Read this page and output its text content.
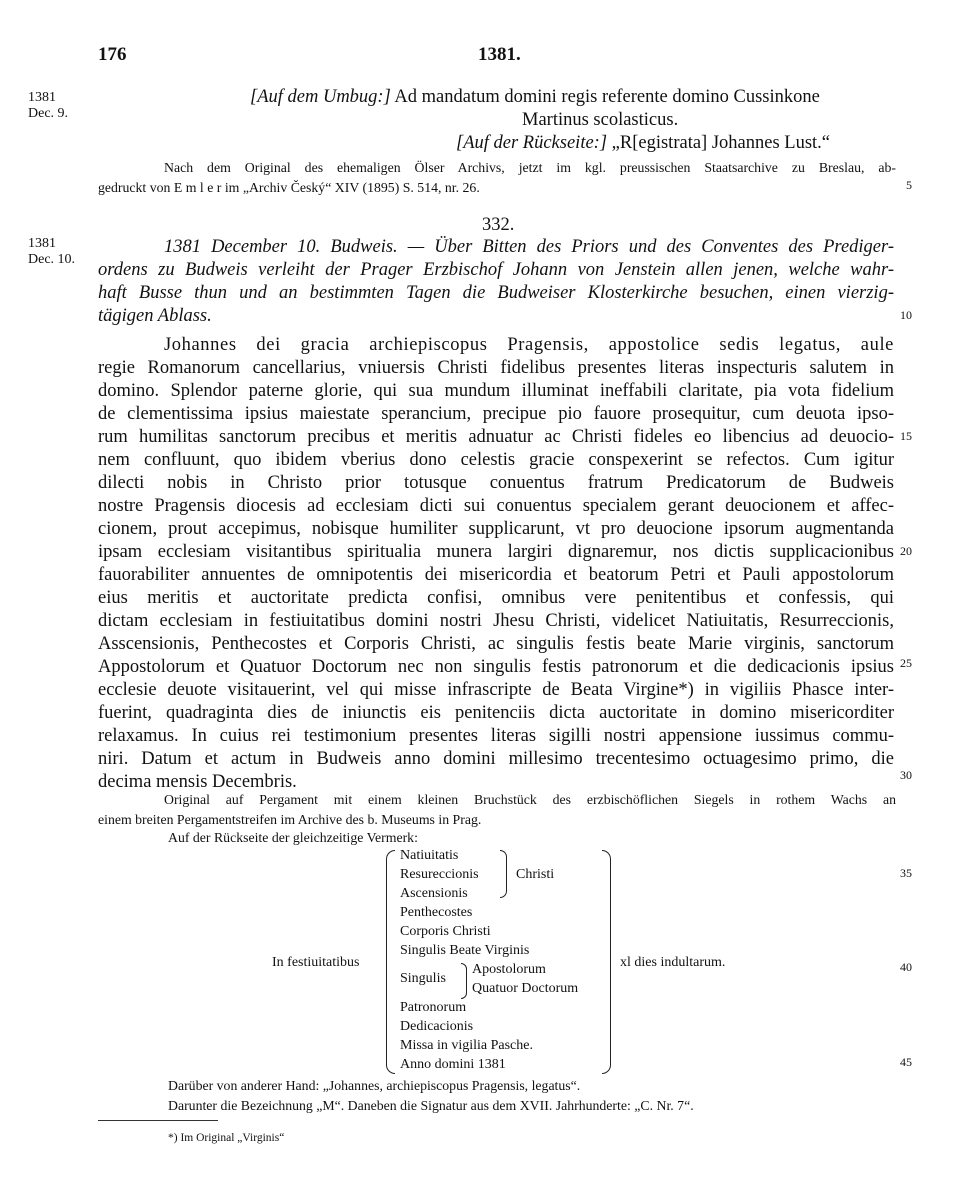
176	1381.
1381
Dec. 9.
1381
Dec. 10.
5
10
15
20
25
30
35
40
45
[Auf dem Umbug:] Ad mandatum domini regis referente domino Cussinkone
Martinus scolasticus.
[Auf der Rückseite:] „R[egistrata] Johannes Lust.“
Nach dem Original des ehemaligen Ölser Archivs, jetzt im kgl. preussischen Staatsarchive zu Breslau, ab-
gedruckt von E m l e r im „Archiv Český“ XIV (1895) S. 514, nr. 26.
332.
1381 December 10. Budweis. — Über Bitten des Priors und des Conventes des Prediger-
ordens zu Budweis verleiht der Prager Erzbischof Johann von Jenstein allen jenen, welche wahr-
haft Busse thun und an bestimmten Tagen die Budweiser Klosterkirche besuchen, einen vierzig-
tägigen Ablass.
Johannes dei gracia archiepiscopus Pragensis, appostolice sedis legatus, aule
regie Romanorum cancellarius, vniuersis Christi fidelibus presentes literas inspecturis salutem in
domino. Splendor paterne glorie, qui sua mundum illuminat ineffabili claritate, pia vota fidelium
de clementissima ipsius maiestate sperancium, precipue pio fauore prosequitur, cum deuota ipso-
rum humilitas sanctorum precibus et meritis adnuatur ac Christi fideles eo libencius ad deuocio-
nem confluunt, quo ibidem vberius dono celestis gracie conspexerint se refectos. Cum igitur
dilecti nobis in Christo prior totusque conuentus fratrum Predicatorum de Budweis
nostre Pragensis diocesis ad ecclesiam dicti sui conuentus specialem gerant deuocionem et affec-
cionem, prout accepimus, nobisque humiliter supplicarunt, vt pro deuocione ipsorum augmentanda
ipsam ecclesiam visitantibus spiritualia munera largiri dignaremur, nos dictis supplicacionibus
fauorabiliter annuentes de omnipotentis dei misericordia et beatorum Petri et Pauli appostolorum
eius meritis et auctoritate predicta confisi, omnibus vere penitentibus et confessis, qui
dictam ecclesiam in festiuitatibus domini nostri Jhesu Christi, videlicet Natiuitatis, Resurreccionis,
Asscensionis, Penthecostes et Corporis Christi, ac singulis festis beate Marie virginis, sanctorum
Appostolorum et Quatuor Doctorum nec non singulis festis patronorum et die dedicacionis ipsius
ecclesie deuote visitauerint, vel qui misse infrascripte de Beata Virgine*) in vigiliis Phasce inter-
fuerint, quadraginta dies de iniunctis eis penitenciis dicta auctoritate in domino misericorditer
relaxamus. In cuius rei testimonium presentes literas sigilli nostri appensione iussimus commu-
niri. Datum et actum in Budweis anno domini millesimo trecentesimo octuagesimo primo, die
decima mensis Decembris.
Original auf Pergament mit einem kleinen Bruchstück des erzbischöflichen Siegels in rothem Wachs an
einem breiten Pergamentstreifen im Archive des b. Museums in Prag.
Auf der Rückseite der gleichzeitige Vermerk:
In festiuitatibus
Natiuitatis
Resureccionis
Ascensionis
Penthecostes
Corporis Christi
Singulis Beate Virginis
Patronorum
Dedicacionis
Missa in vigilia Pasche.
Anno domini 1381
Christi
Singulis
Apostolorum
Quatuor Doctorum
xl dies indultarum.
Darüber von anderer Hand: „Johannes, archiepiscopus Pragensis, legatus“.
Darunter die Bezeichnung „M“. Daneben die Signatur aus dem XVII. Jahrhunderte: „C. Nr. 7“.
*) Im Original „Virginis“
